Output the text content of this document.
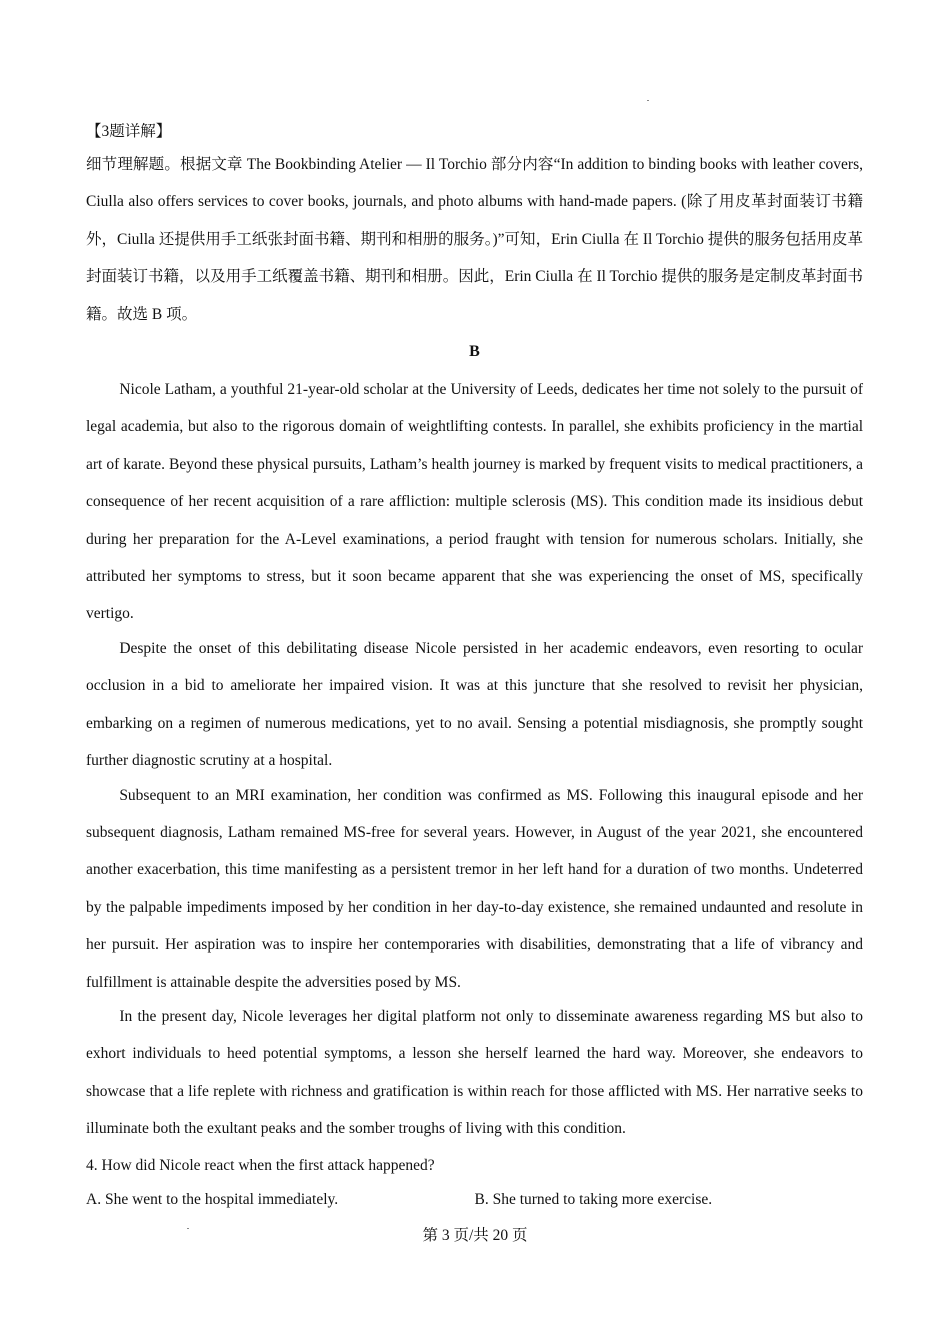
【3题详解】

细节理解题。根据文章 The Bookbinding Atelier — Il Torchio 部分内容“In addition to binding books with leather covers, Ciulla also offers services to cover books, journals, and photo albums with hand-made papers. (除了用皮革封面装订书籍外，Ciulla 还提供用手工纸张封面书籍、期刊和相册的服务。)”可知，Erin Ciulla 在 Il Torchio 提供的服务包括用皮革封面装订书籍，以及用手工纸覆盖书籍、期刊和相册。因此，Erin Ciulla 在 Il Torchio 提供的服务是定制皮革封面书籍。故选 B 项。

B

Nicole Latham, a youthful 21-year-old scholar at the University of Leeds, dedicates her time not solely to the pursuit of legal academia, but also to the rigorous domain of weightlifting contests. In parallel, she exhibits proficiency in the martial art of karate. Beyond these physical pursuits, Latham’s health journey is marked by frequent visits to medical practitioners, a consequence of her recent acquisition of a rare affliction: multiple sclerosis (MS). This condition made its insidious debut during her preparation for the A-Level examinations, a period fraught with tension for numerous scholars. Initially, she attributed her symptoms to stress, but it soon became apparent that she was experiencing the onset of MS, specifically vertigo.

Despite the onset of this debilitating disease Nicole persisted in her academic endeavors, even resorting to ocular occlusion in a bid to ameliorate her impaired vision. It was at this juncture that she resolved to revisit her physician, embarking on a regimen of numerous medications, yet to no avail. Sensing a potential misdiagnosis, she promptly sought further diagnostic scrutiny at a hospital.

Subsequent to an MRI examination, her condition was confirmed as MS. Following this inaugural episode and her subsequent diagnosis, Latham remained MS-free for several years. However, in August of the year 2021, she encountered another exacerbation, this time manifesting as a persistent tremor in her left hand for a duration of two months. Undeterred by the palpable impediments imposed by her condition in her day-to-day existence, she remained undaunted and resolute in her pursuit. Her aspiration was to inspire her contemporaries with disabilities, demonstrating that a life of vibrancy and fulfillment is attainable despite the adversities posed by MS.

In the present day, Nicole leverages her digital platform not only to disseminate awareness regarding MS but also to exhort individuals to heed potential symptoms, a lesson she herself learned the hard way. Moreover, she endeavors to showcase that a life replete with richness and gratification is within reach for those afflicted with MS. Her narrative seeks to illuminate both the exultant peaks and the somber troughs of living with this condition.

4. How did Nicole react when the first attack happened?

A. She went to the hospital immediately.	B. She turned to taking more exercise.
第 3 页/共 20 页
